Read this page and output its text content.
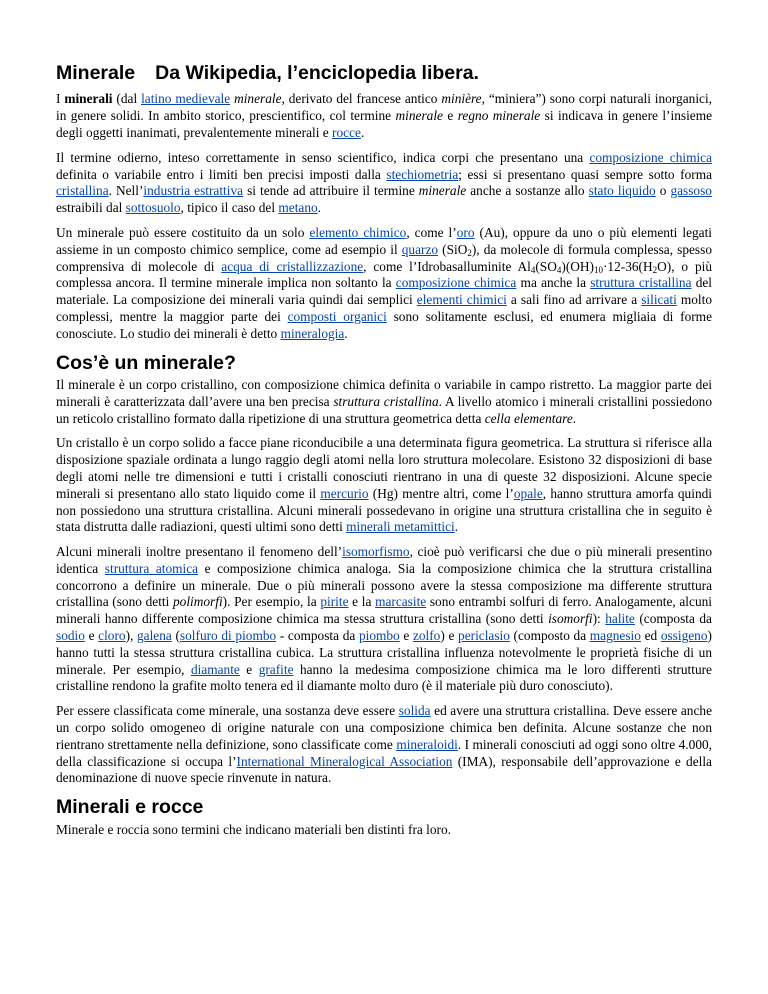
Minerale Da Wikipedia, l’enciclopedia libera.

I minerali (dal latino medievale minerale, derivato del francese antico minière, “miniera”) sono corpi naturali inorganici, in genere solidi. In ambito storico, prescientifico, col termine minerale e regno minerale si indicava in genere l’insieme degli oggetti inanimati, prevalentemente minerali e rocce.

Il termine odierno, inteso correttamente in senso scientifico, indica corpi che presentano una composizione chimica definita o variabile entro i limiti ben precisi imposti dalla stechiometria; essi si presentano quasi sempre sotto forma cristallina. Nell’industria estrattiva si tende ad attribuire il termine minerale anche a sostanze allo stato liquido o gassoso estraibili dal sottosuolo, tipico il caso del metano.

Un minerale può essere costituito da un solo elemento chimico, come l’oro (Au), oppure da uno o più elementi legati assieme in un composto chimico semplice, come ad esempio il quarzo (SiO$_2$), da molecole di formula complessa, spesso comprensiva di molecole di acqua di cristallizzazione, come l’Idrobasalluminite $Al_4(SO_4)(OH)_{10}\cdot 12-36(H_2O)$, o più complessa ancora. Il termine minerale implica non soltanto la composizione chimica ma anche la struttura cristallina del materiale. La composizione dei minerali varia quindi dai semplici elementi chimici a sali fino ad arrivare a silicati molto complessi, mentre la maggior parte dei composti organici sono solitamente esclusi, ed enumera migliaia di forme conosciute. Lo studio dei minerali è detto mineralogia.

Cos’è un minerale?

Il minerale è un corpo cristallino, con composizione chimica definita o variabile in campo ristretto. La maggior parte dei minerali è caratterizzata dall’avere una ben precisa struttura cristallina. A livello atomico i minerali cristallini possiedono un reticolo cristallino formato dalla ripetizione di una struttura geometrica detta cella elementare.

Un cristallo è un corpo solido a facce piane riconducibile a una determinata figura geometrica. La struttura si riferisce alla disposizione spaziale ordinata a lungo raggio degli atomi nella loro struttura molecolare. Esistono 32 disposizioni di base degli atomi nelle tre dimensioni e tutti i cristalli conosciuti rientrano in una di queste 32 disposizioni. Alcune specie minerali si presentano allo stato liquido come il mercurio (Hg) mentre altri, come l’opale, hanno struttura amorfa quindi non possiedono una struttura cristallina. Alcuni minerali possedevano in origine una struttura cristallina che in seguito è stata distrutta dalle radiazioni, questi ultimi sono detti minerali metamittici.

Alcuni minerali inoltre presentano il fenomeno dell’isomorfismo, cioè può verificarsi che due o più minerali presentino identica struttura atomica e composizione chimica analoga. Sia la composizione chimica che la struttura cristallina concorrono a definire un minerale. Due o più minerali possono avere la stessa composizione ma differente struttura cristallina (sono detti polimorfi). Per esempio, la pirite e la marcasite sono entrambi solfuri di ferro. Analogamente, alcuni minerali hanno differente composizione chimica ma stessa struttura cristallina (sono detti isomorfi): halite (composta da sodio e cloro), galena (solfuro di piombo - composta da piombo e zolfo) e periclasio (composto da magnesio ed ossigeno) hanno tutti la stessa struttura cristallina cubica. La struttura cristallina influenza notevolmente le proprietà fisiche di un minerale. Per esempio, diamante e grafite hanno la medesima composizione chimica ma le loro differenti strutture cristalline rendono la grafite molto tenera ed il diamante molto duro (è il materiale più duro conosciuto).

Per essere classificata come minerale, una sostanza deve essere solida ed avere una struttura cristallina. Deve essere anche un corpo solido omogeneo di origine naturale con una composizione chimica ben definita. Alcune sostanze che non rientrano strettamente nella definizione, sono classificate come mineraloidi. I minerali conosciuti ad oggi sono oltre 4.000, della classificazione si occupa l’International Mineralogical Association (IMA), responsabile dell’approvazione e della denominazione di nuove specie rinvenute in natura.

Minerali e rocce

Minerale e roccia sono termini che indicano materiali ben distinti fra loro.
